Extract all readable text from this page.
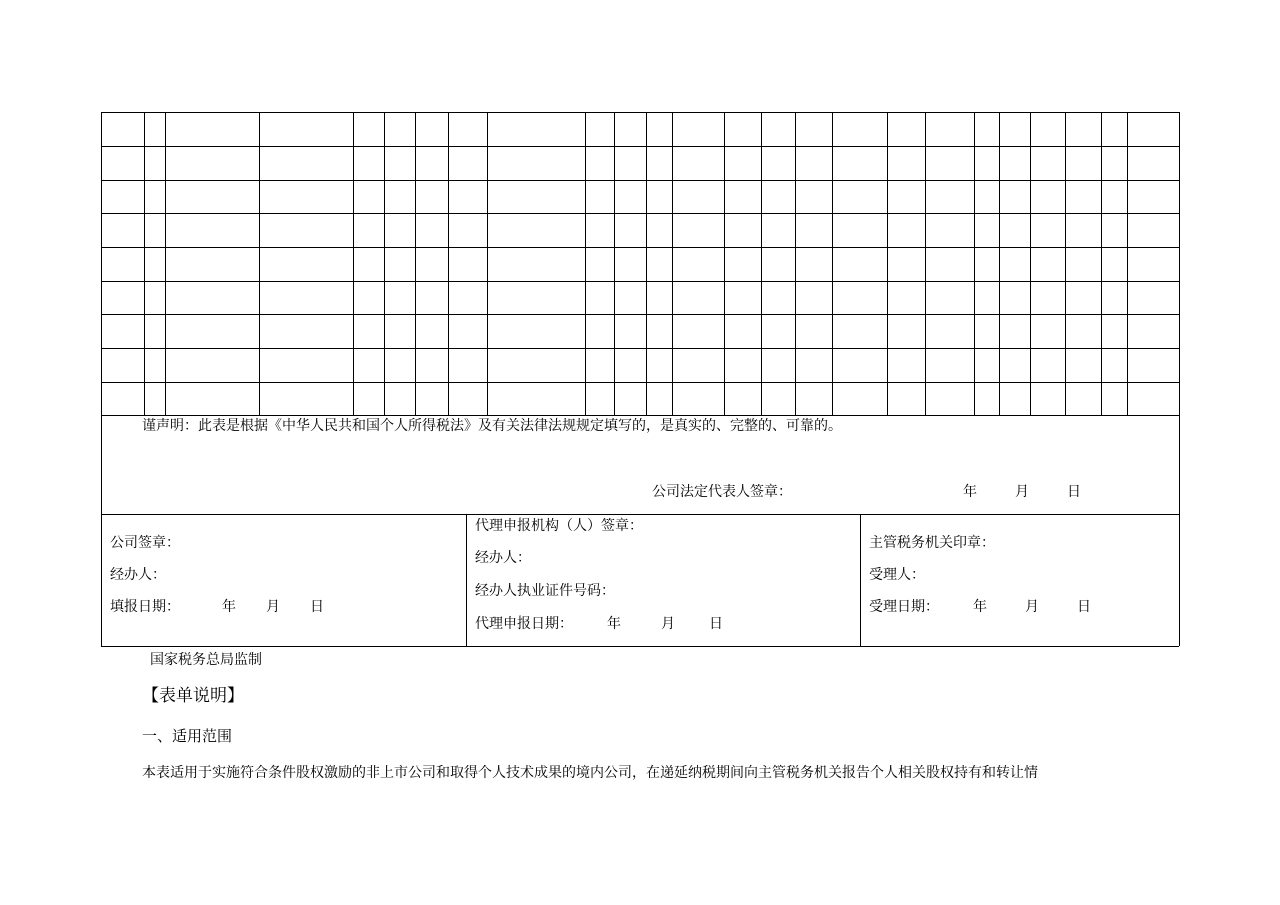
谨声明：此表是根据《中华人民共和国个人所得税法》及有关法律法规规定填写的，是真实的、完整的、可靠的。
公司法定代表人签章：	年	月	日
公司签章：
经办人：
填报日期：	年 月 日
代理申报机构（人）签章：
经办人：
经办人执业证件号码：
代理申报日期： 年	月 日
主管税务机关印章：
受理人：
受理日期： 年	月	日
国家税务总局监制
【表单说明】
一、适用范围
本表适用于实施符合条件股权激励的非上市公司和取得个人技术成果的境内公司，在递延纳税期间向主管税务机关报告个人相关股权持有和转让情
